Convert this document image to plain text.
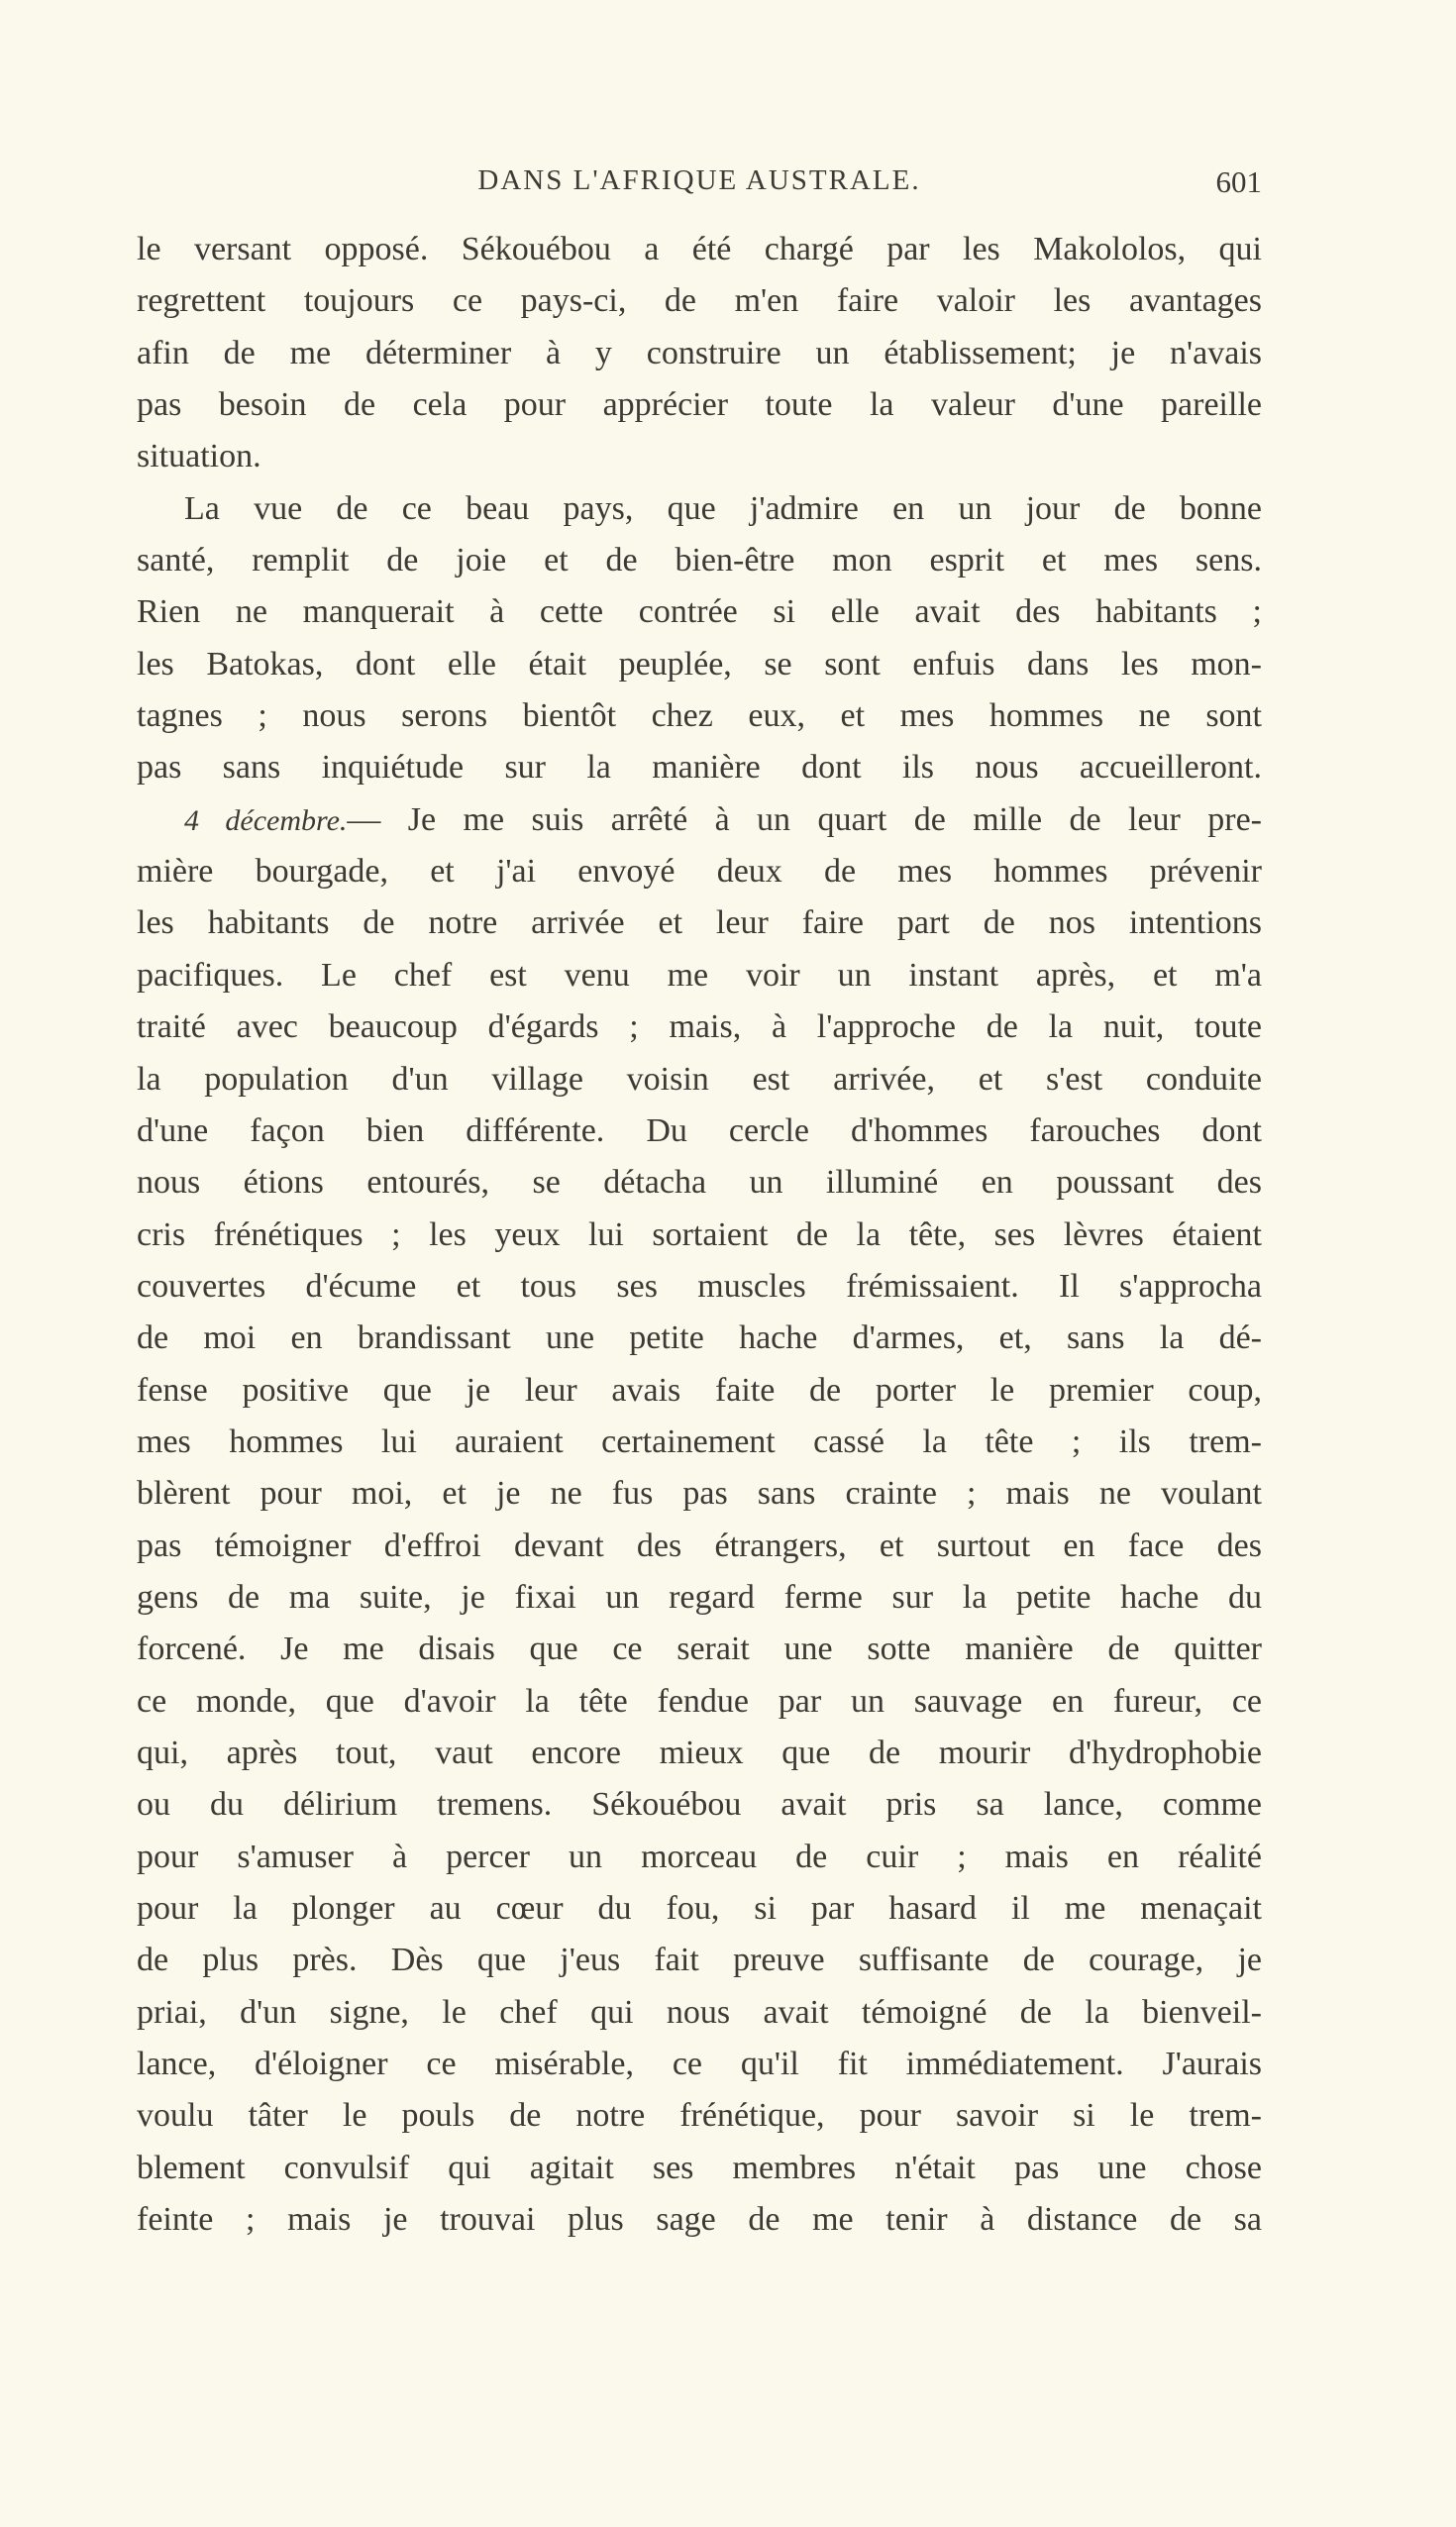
DANS L'AFRIQUE AUSTRALE.	601
le versant opposé. Sékouébou a été chargé par les Makololos, qui
regrettent toujours ce pays-ci, de m'en faire valoir les avantages
afin de me déterminer à y construire un établissement; je n'avais
pas besoin de cela pour apprécier toute la valeur d'une pareille
situation.
La vue de ce beau pays, que j'admire en un jour de bonne
santé, remplit de joie et de bien-être mon esprit et mes sens.
Rien ne manquerait à cette contrée si elle avait des habitants ;
les Batokas, dont elle était peuplée, se sont enfuis dans les mon-
tagnes ; nous serons bientôt chez eux, et mes hommes ne sont
pas sans inquiétude sur la manière dont ils nous accueilleront.
4 décembre.— Je me suis arrêté à un quart de mille de leur pre-
mière bourgade, et j'ai envoyé deux de mes hommes prévenir
les habitants de notre arrivée et leur faire part de nos intentions
pacifiques. Le chef est venu me voir un instant après, et m'a
traité avec beaucoup d'égards ; mais, à l'approche de la nuit, toute
la population d'un village voisin est arrivée, et s'est conduite
d'une façon bien différente. Du cercle d'hommes farouches dont
nous étions entourés, se détacha un illuminé en poussant des
cris frénétiques ; les yeux lui sortaient de la tête, ses lèvres étaient
couvertes d'écume et tous ses muscles frémissaient. Il s'approcha
de moi en brandissant une petite hache d'armes, et, sans la dé-
fense positive que je leur avais faite de porter le premier coup,
mes hommes lui auraient certainement cassé la tête ; ils trem-
blèrent pour moi, et je ne fus pas sans crainte ; mais ne voulant
pas témoigner d'effroi devant des étrangers, et surtout en face des
gens de ma suite, je fixai un regard ferme sur la petite hache du
forcené. Je me disais que ce serait une sotte manière de quitter
ce monde, que d'avoir la tête fendue par un sauvage en fureur, ce
qui, après tout, vaut encore mieux que de mourir d'hydrophobie
ou du délirium tremens. Sékouébou avait pris sa lance, comme
pour s'amuser à percer un morceau de cuir ; mais en réalité
pour la plonger au cœur du fou, si par hasard il me menaçait
de plus près. Dès que j'eus fait preuve suffisante de courage, je
priai, d'un signe, le chef qui nous avait témoigné de la bienveil-
lance, d'éloigner ce misérable, ce qu'il fit immédiatement. J'aurais
voulu tâter le pouls de notre frénétique, pour savoir si le trem-
blement convulsif qui agitait ses membres n'était pas une chose
feinte ; mais je trouvai plus sage de me tenir à distance de sa
